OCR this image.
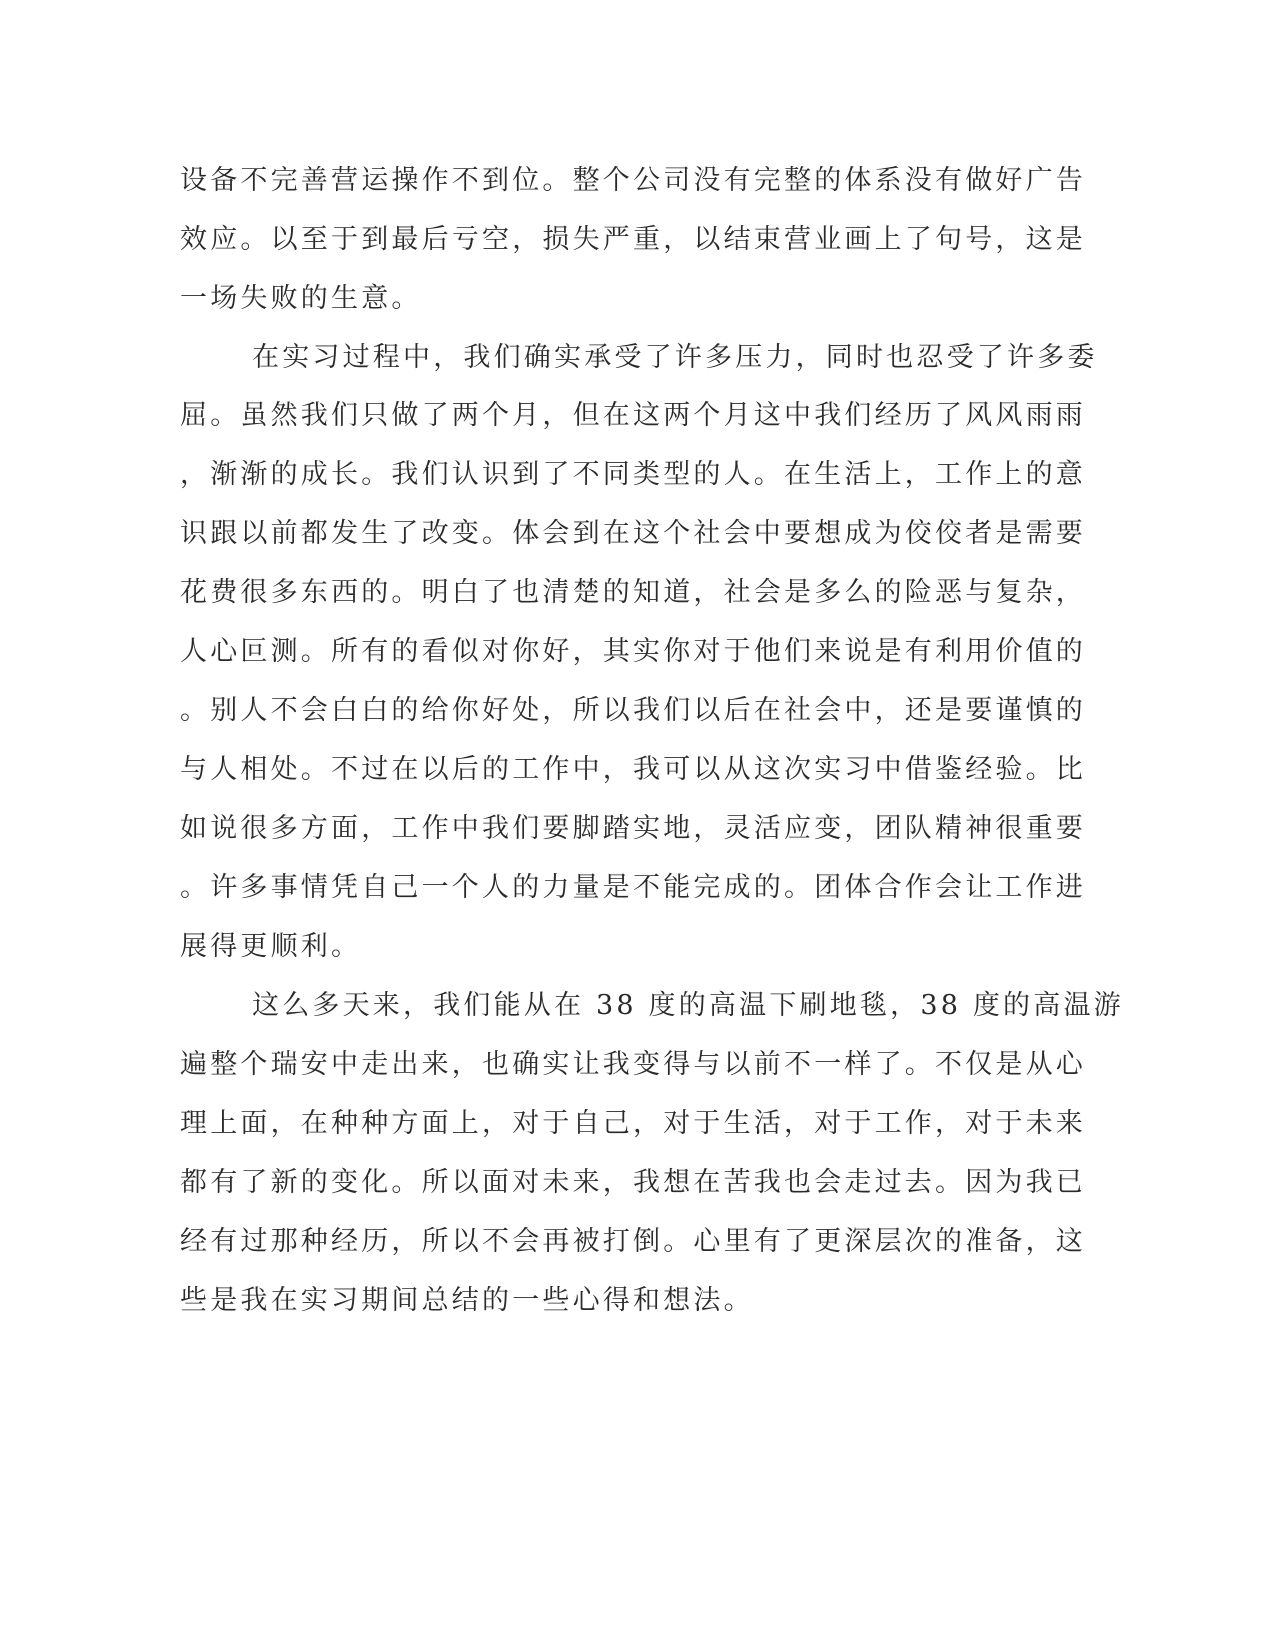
设备不完善营运操作不到位。整个公司没有完整的体系没有做好广告
效应。以至于到最后亏空，损失严重，以结束营业画上了句号，这是
一场失败的生意。
在实习过程中，我们确实承受了许多压力，同时也忍受了许多委
屈。虽然我们只做了两个月，但在这两个月这中我们经历了风风雨雨
，渐渐的成长。我们认识到了不同类型的人。在生活上，工作上的意
识跟以前都发生了改变。体会到在这个社会中要想成为佼佼者是需要
花费很多东西的。明白了也清楚的知道，社会是多么的险恶与复杂，
人心叵测。所有的看似对你好，其实你对于他们来说是有利用价值的
。别人不会白白的给你好处，所以我们以后在社会中，还是要谨慎的
与人相处。不过在以后的工作中，我可以从这次实习中借鉴经验。比
如说很多方面，工作中我们要脚踏实地，灵活应变，团队精神很重要
。许多事情凭自己一个人的力量是不能完成的。团体合作会让工作进
展得更顺利。
这么多天来，我们能从在 38 度的高温下刷地毯，38 度的高温游
遍整个瑞安中走出来，也确实让我变得与以前不一样了。不仅是从心
理上面，在种种方面上，对于自己，对于生活，对于工作，对于未来
都有了新的变化。所以面对未来，我想在苦我也会走过去。因为我已
经有过那种经历，所以不会再被打倒。心里有了更深层次的准备，这
些是我在实习期间总结的一些心得和想法。
